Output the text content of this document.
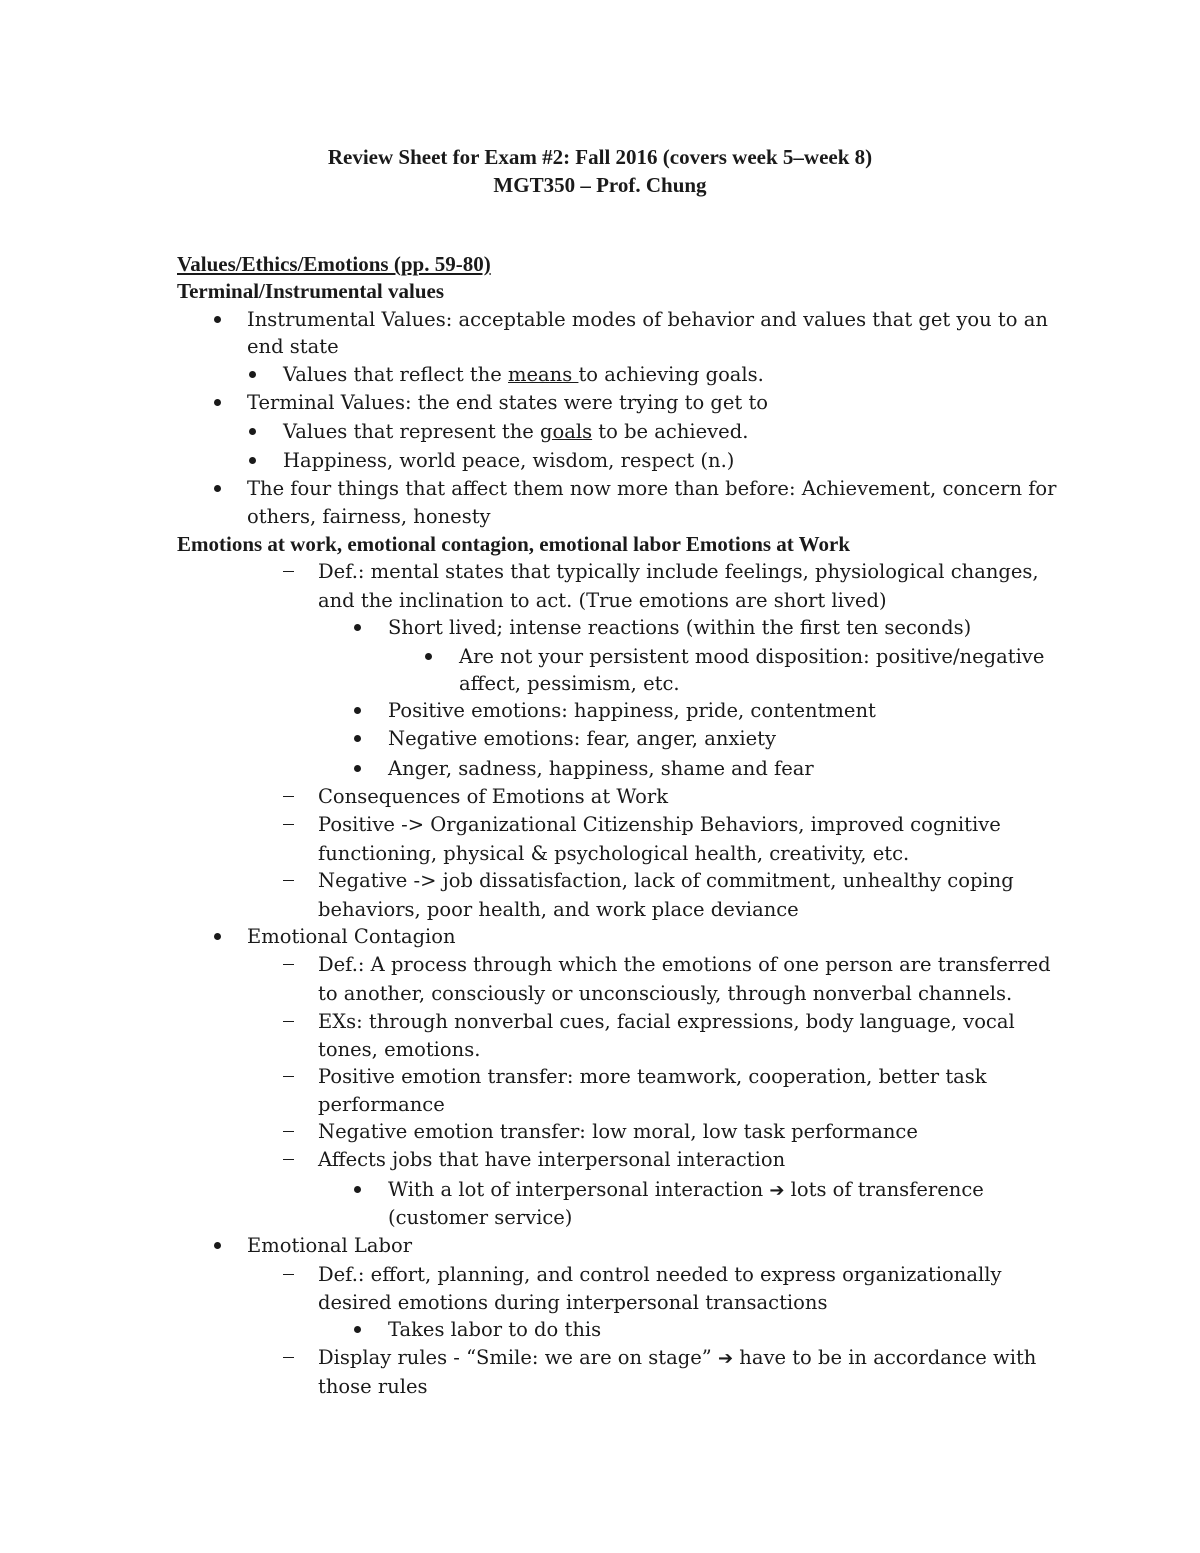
Review Sheet for Exam #2: Fall 2016 (covers week 5–week 8)
MGT350 – Prof. Chung
Values/Ethics/Emotions (pp. 59-80)
Terminal/Instrumental values
Instrumental Values: acceptable modes of behavior and values that get you to an
end state
Values that reflect the means to achieving goals.
Terminal Values: the end states were trying to get to
Values that represent the goals to be achieved.
Happiness, world peace, wisdom, respect (n.)
The four things that affect them now more than before: Achievement, concern for
others, fairness, honesty
Emotions at work, emotional contagion, emotional labor Emotions at Work
Def.: mental states that typically include feelings, physiological changes,
and the inclination to act. (True emotions are short lived)
Short lived; intense reactions (within the first ten seconds)
Are not your persistent mood disposition: positive/negative
affect, pessimism, etc.
Positive emotions: happiness, pride, contentment
Negative emotions: fear, anger, anxiety
Anger, sadness, happiness, shame and fear
Consequences of Emotions at Work
Positive -> Organizational Citizenship Behaviors, improved cognitive
functioning, physical & psychological health, creativity, etc.
Negative -> job dissatisfaction, lack of commitment, unhealthy coping
behaviors, poor health, and work place deviance
Emotional Contagion
Def.: A process through which the emotions of one person are transferred
to another, consciously or unconsciously, through nonverbal channels.
EXs: through nonverbal cues, facial expressions, body language, vocal
tones, emotions.
Positive emotion transfer: more teamwork, cooperation, better task
performance
Negative emotion transfer: low moral, low task performance
Affects jobs that have interpersonal interaction
With a lot of interpersonal interaction ➔ lots of transference
(customer service)
Emotional Labor
Def.: effort, planning, and control needed to express organizationally
desired emotions during interpersonal transactions
Takes labor to do this
Display rules - “Smile: we are on stage” ➔ have to be in accordance with
those rules
